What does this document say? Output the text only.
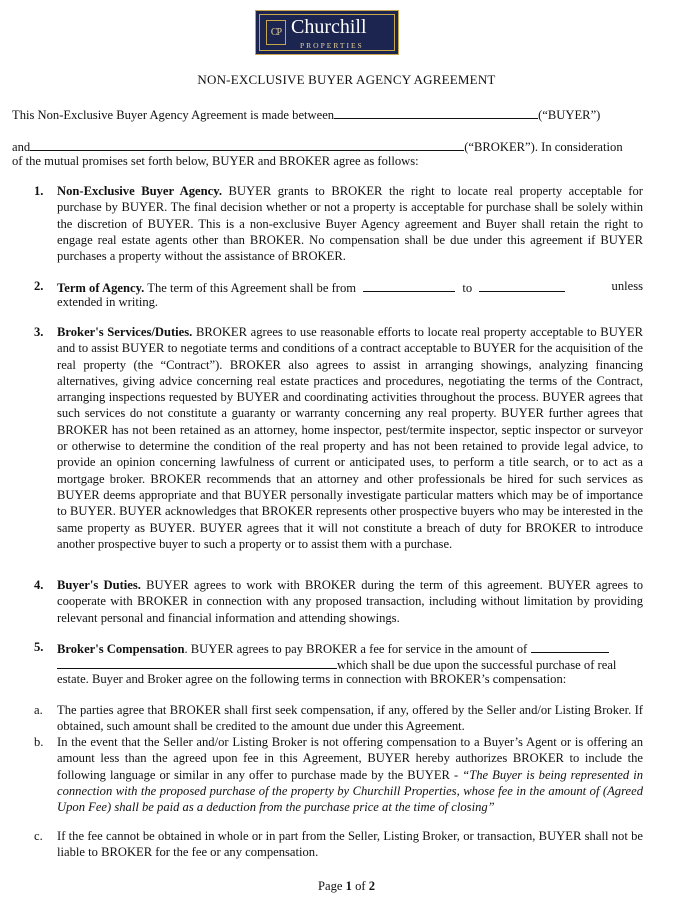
CP Churchill
PROPERTIES
NON-EXCLUSIVE BUYER AGENCY AGREEMENT
This Non-Exclusive Buyer Agency Agreement is made between	(“BUYER”)
and	(“BROKER”). In consideration
of the mutual promises set forth below, BUYER and BROKER agree as follows:
1. Non-Exclusive Buyer Agency. BUYER grants to BROKER the right to locate real property acceptable for purchase by BUYER. The final decision whether or not a property is acceptable for purchase shall be solely within the discretion of BUYER. This is a non-exclusive Buyer Agency agreement and Buyer shall retain the right to engage real estate agents other than BROKER. No compensation shall be due under this agreement if BUYER purchases a property without the assistance of BROKER.
2. Term of Agency. The term of this Agreement shall be from	to	unless
extended in writing.
3. Broker's Services/Duties. BROKER agrees to use reasonable efforts to locate real property acceptable to BUYER and to assist BUYER to negotiate terms and conditions of a contract acceptable to BUYER for the acquisition of the real property (the “Contract”). BROKER also agrees to assist in arranging showings, analyzing financing alternatives, giving advice concerning real estate practices and procedures, negotiating the terms of the Contract, arranging inspections requested by BUYER and coordinating activities throughout the process. BUYER agrees that such services do not constitute a guaranty or warranty concerning any real property. BUYER further agrees that BROKER has not been retained as an attorney, home inspector, pest/termite inspector, septic inspector or surveyor or otherwise to determine the condition of the real property and has not been retained to provide legal advice, to provide an opinion concerning lawfulness of current or anticipated uses, to perform a title search, or to act as a mortgage broker. BROKER recommends that an attorney and other professionals be hired for such services as BUYER deems appropriate and that BUYER personally investigate particular matters which may be of importance to BUYER. BUYER acknowledges that BROKER represents other prospective buyers who may be interested in the same property as BUYER. BUYER agrees that it will not constitute a breach of duty for BROKER to introduce another prospective buyer to such a property or to assist them with a purchase.
4. Buyer's Duties. BUYER agrees to work with BROKER during the term of this agreement. BUYER agrees to cooperate with BROKER in connection with any proposed transaction, including without limitation by providing relevant personal and financial information and attending showings.
5. Broker's Compensation. BUYER agrees to pay BROKER a fee for service in the amount of
which shall be due upon the successful purchase of real
estate. Buyer and Broker agree on the following terms in connection with BROKER’s compensation:
a. The parties agree that BROKER shall first seek compensation, if any, offered by the Seller and/or Listing Broker. If obtained, such amount shall be credited to the amount due under this Agreement.
b. In the event that the Seller and/or Listing Broker is not offering compensation to a Buyer’s Agent or is offering an amount less than the agreed upon fee in this Agreement, BUYER hereby authorizes BROKER to include the following language or similar in any offer to purchase made by the BUYER - “The Buyer is being represented in connection with the proposed purchase of the property by Churchill Properties, whose fee in the amount of (Agreed Upon Fee) shall be paid as a deduction from the purchase price at the time of closing”
c. If the fee cannot be obtained in whole or in part from the Seller, Listing Broker, or transaction, BUYER shall not be liable to BROKER for the fee or any compensation.
Page 1 of 2
